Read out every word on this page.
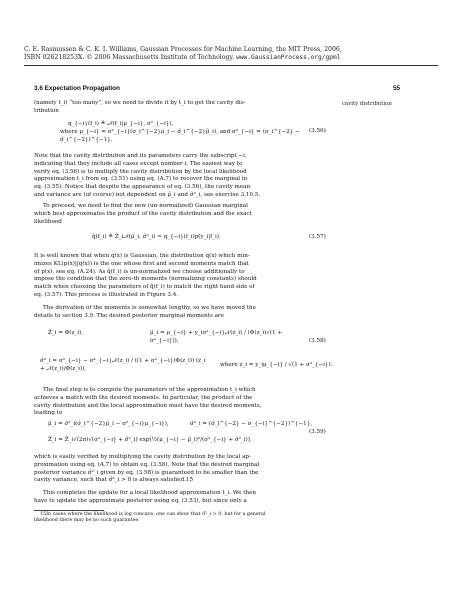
C. E. Rasmussen & C. K. I. Williams, Gaussian Processes for Machine Learning, the MIT Press, 2006,
ISBN 026218253X. © 2006 Massachusetts Institute of Technology. www.GaussianProcess.org/gpml
3.6 Expectation Propagation	55
cavity distribution
(namely t_i) “too many”, so we need to divide it by t_i to get the cavity dis-
tribution
q_{−i}(f_i) ≜ 𝒩(f_i|μ_{−i}, σ²_{−i}),
where μ_{−i} = σ²_{−i}(σ_i^{−2}μ_i − σ̃_i^{−2}μ̃_i), and σ²_{−i} = (σ_i^{−2} − σ̃_i^{−2})^{−1}.
(3.56)
Note that the cavity distribution and its parameters carry the subscript −i,
indicating that they include all cases except number i. The easiest way to
verify eq. (3.56) is to multiply the cavity distribution by the local likelihood
approximation t_i from eq. (3.51) using eq. (A.7) to recover the marginal in
eq. (3.55). Notice that despite the appearance of eq. (3.56), the cavity mean
and variance are (of course) not dependent on μ̃_i and σ̃²_i, see exercise 3.10.5.
To proceed, we need to find the new (un-normalized) Gaussian marginal
which best approximates the product of the cavity distribution and the exact
likelihood
q̂(f_i) ≜ Ẑ_i𝒩(μ̂_i, σ̂²_i) ≃ q_{−i}(f_i)p(y_i|f_i).	(3.57)
It is well known that when q(x) is Gaussian, the distribution q(x) which min-
imizes KL(p(x)||q(x)) is the one whose first and second moments match that
of p(x), see eq. (A.24). As q̂(f_i) is un-normalized we choose additionally to
impose the condition that the zero-th moments (normalizing constants) should
match when choosing the parameters of q̂(f_i) to match the right hand side of
eq. (3.57). This process is illustrated in Figure 3.4.
The derivation of the moments is somewhat lengthy, so we have moved the
details to section 3.9. The desired posterior marginal moments are
Ẑ_i = Φ(z_i),	μ̂_i = μ_{−i} + y_iσ²_{−i}𝒩(z_i) / (Φ(z_i)√(1 + σ²_{−i})),	(3.58)
σ̂²_i = σ²_{−i} − σ⁴_{−i}𝒩(z_i) / ((1 + σ²_{−i})Φ(z_i)) (z_i + 𝒩(z_i)/Φ(z_i)),
where z_i = y_iμ_{−i} / √(1 + σ²_{−i}).
The final step is to compute the parameters of the approximation t_i which
achieves a match with the desired moments. In particular, the product of the
cavity distribution and the local approximation must have the desired moments,
leading to
μ̃_i = σ̃²_i(σ̂_i^{−2}μ̂_i − σ²_{−i}μ_{−i}),	σ̃²_i = (σ̂_i^{−2} − σ_{−i}^{−2})^{−1},
(3.59)
Z̃_i = Ẑ_i√(2π)√(σ²_{−i} + σ̃²_i) exp(½(μ_{−i} − μ̃_i)²/(σ²_{−i} + σ̃²_i)),
which is easily verified by multiplying the cavity distribution by the local ap-
proximation using eq. (A.7) to obtain eq. (3.58). Note that the desired marginal
posterior variance σ̂²_i given by eq. (3.58) is guaranteed to be smaller than the
cavity variance, such that σ̃²_i > 0 is always satisfied.15
This completes the update for a local likelihood approximation t_i. We then
have to update the approximate posterior using eq. (3.53), but since only a
15In cases where the likelihood is log concave, one can show that σ̃²_i > 0, but for a general
likelihood there may be no such guarantee.
